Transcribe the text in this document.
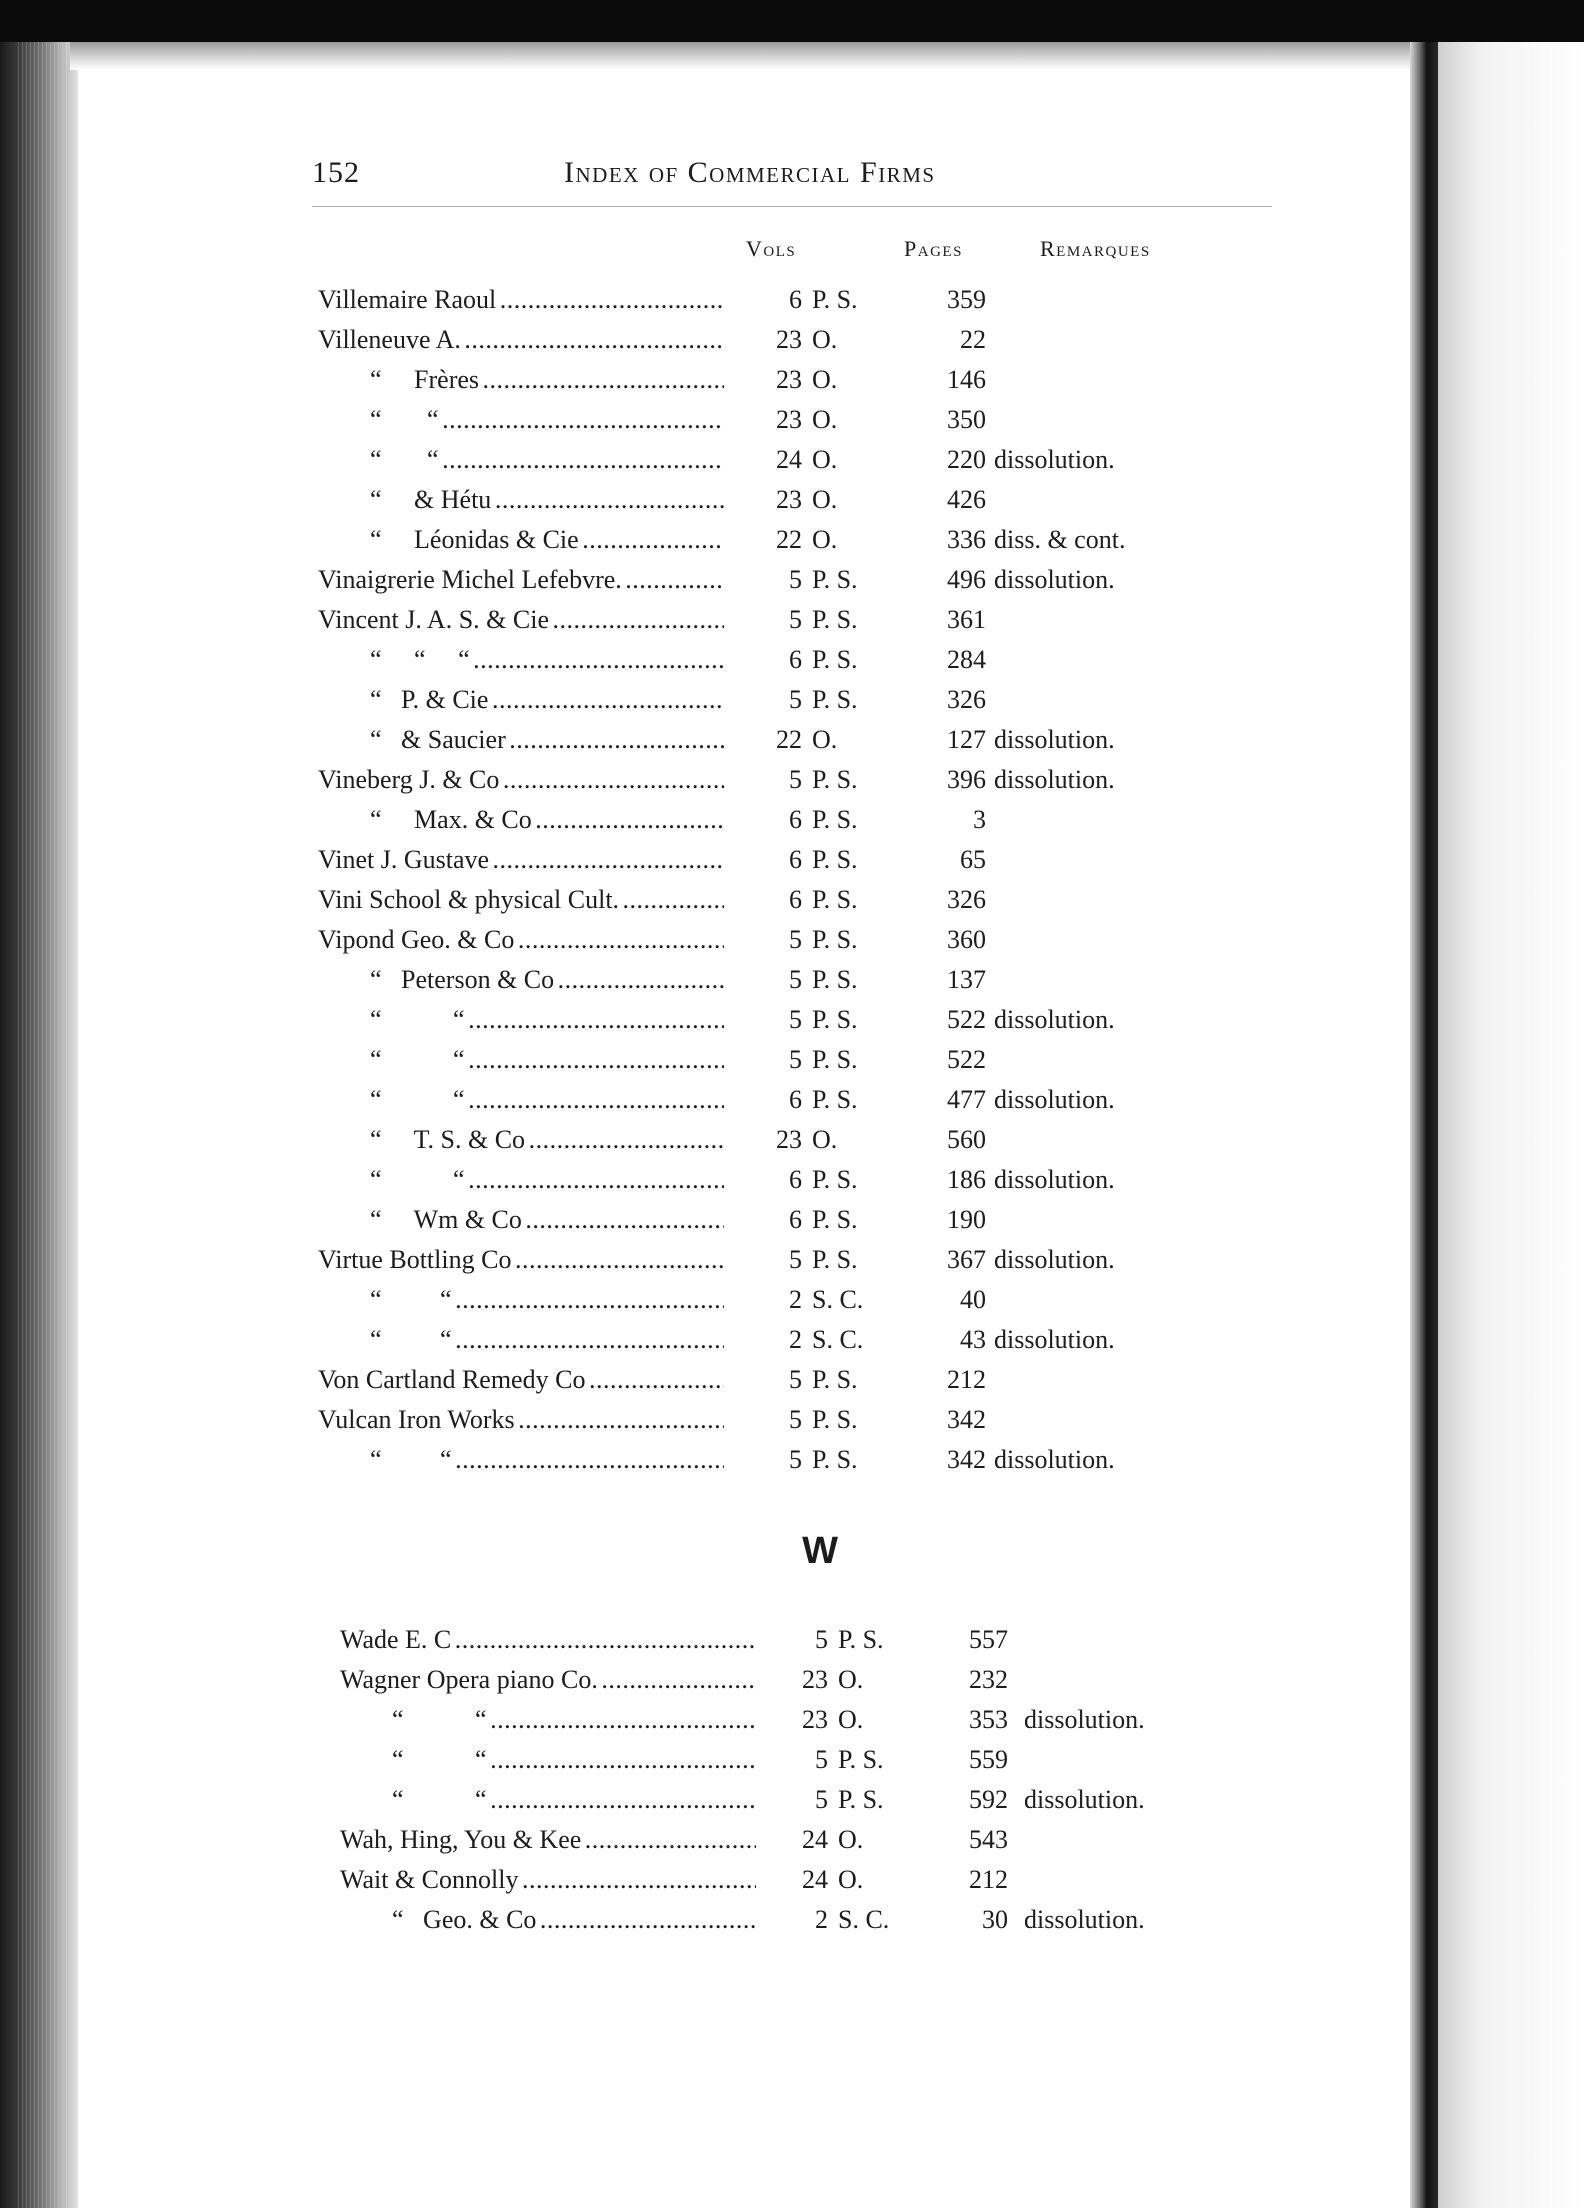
152	Index of Commercial Firms
Vols	Pages	Remarques
Villemaire Raoul . . .	6 P. S.	359
Villeneuve A. . . .	23 O.	22
“     Frères . . .	23 O.	146
“       “ . . .	23 O.	350
“       “ . . .	24 O.	220 dissolution.
“     & Hétu . . .	23 O.	426
“     Léonidas & Cie . . .	22 O.	336 diss. & cont.
Vinaigrerie Michel Lefebvre. . . .	5 P. S.	496 dissolution.
Vincent J. A. S. & Cie . . .	5 P. S.	361
“     “     “ . . .	6 P. S.	284
“   P. & Cie . . .	5 P. S.	326
“   & Saucier . . .	22 O.	127 dissolution.
Vineberg J. & Co . . .	5 P. S.	396 dissolution.
“     Max. & Co . . .	6 P. S.	3
Vinet J. Gustave . . .	6 P. S.	65
Vini School & physical Cult. . . .	6 P. S.	326
Vipond Geo. & Co . . .	5 P. S.	360
“   Peterson & Co . . .	5 P. S.	137
“           “ . . .	5 P. S.	522 dissolution.
“           “ . . .	5 P. S.	522
“           “ . . .	6 P. S.	477 dissolution.
“     T. S. & Co . . .	23 O.	560
“           “ . . .	6 P. S.	186 dissolution.
“     Wm & Co . . .	6 P. S.	190
Virtue Bottling Co . . .	5 P. S.	367 dissolution.
“         “ . . .	2 S. C.	40
“         “ . . .	2 S. C.	43 dissolution.
Von Cartland Remedy Co . . .	5 P. S.	212
Vulcan Iron Works . . .	5 P. S.	342
“         “ . . .	5 P. S.	342 dissolution.
W
Wade E. C . . .	5 P. S.	557
Wagner Opera piano Co. . . .	23 O.	232
“           “ . . .	23 O.	353 dissolution.
“           “ . . .	5 P. S.	559
“           “ . . .	5 P. S.	592 dissolution.
Wah, Hing, You & Kee . . .	24 O.	543
Wait & Connolly . . .	24 O.	212
“   Geo. & Co . . .	2 S. C.	30 dissolution.
